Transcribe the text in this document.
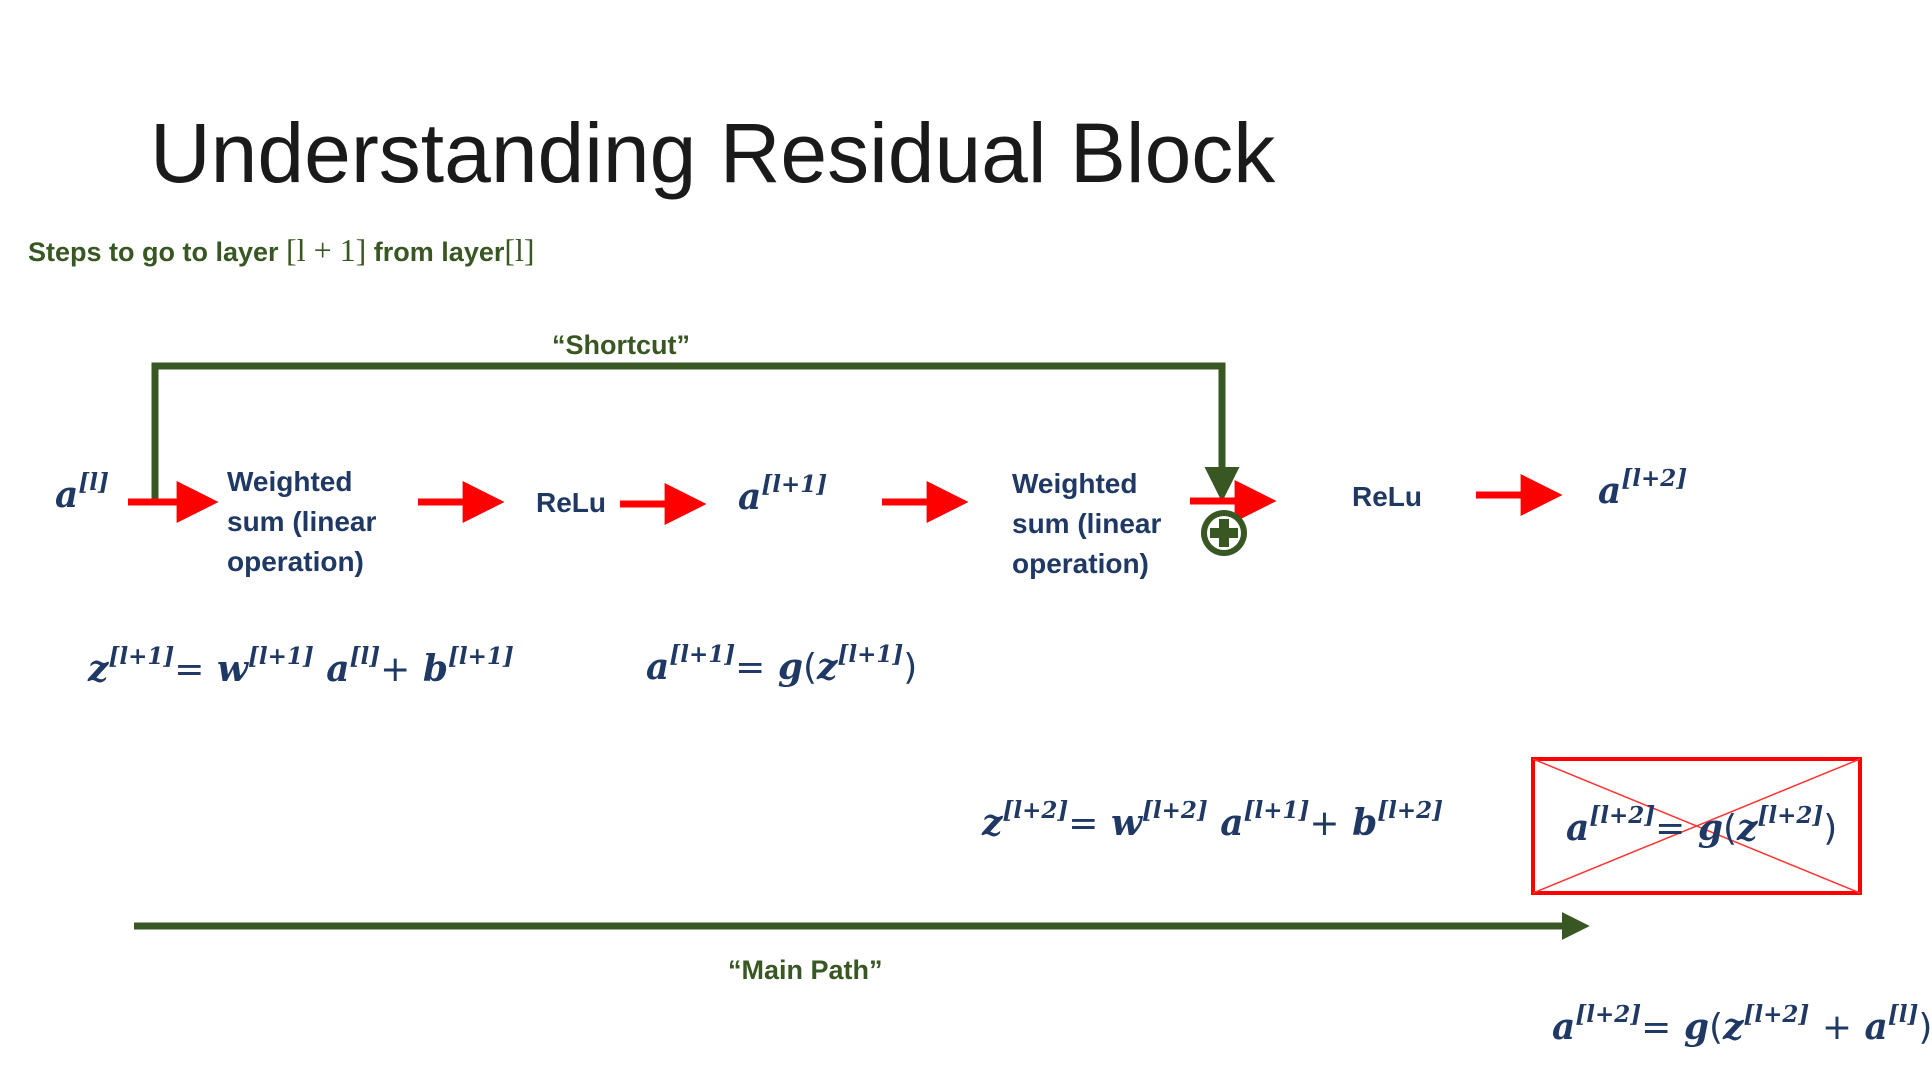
Understanding Residual Block
Steps to go to layer [l + 1] from layer[l]
“Shortcut”
“Main Path”
a[l]	Weighted
sum (linear
operation)
ReLu	a[l+1]	Weighted
sum (linear
operation)
ReLu	a[l+2]
z[l+1]= w[l+1] a[l]+ b[l+1]	a[l+1]= g(z[l+1])
z[l+2]= w[l+2] a[l+1]+ b[l+2]	a[l+2]= g(z[l+2])
a[l+2]= g(z[l+2] + a[l])
